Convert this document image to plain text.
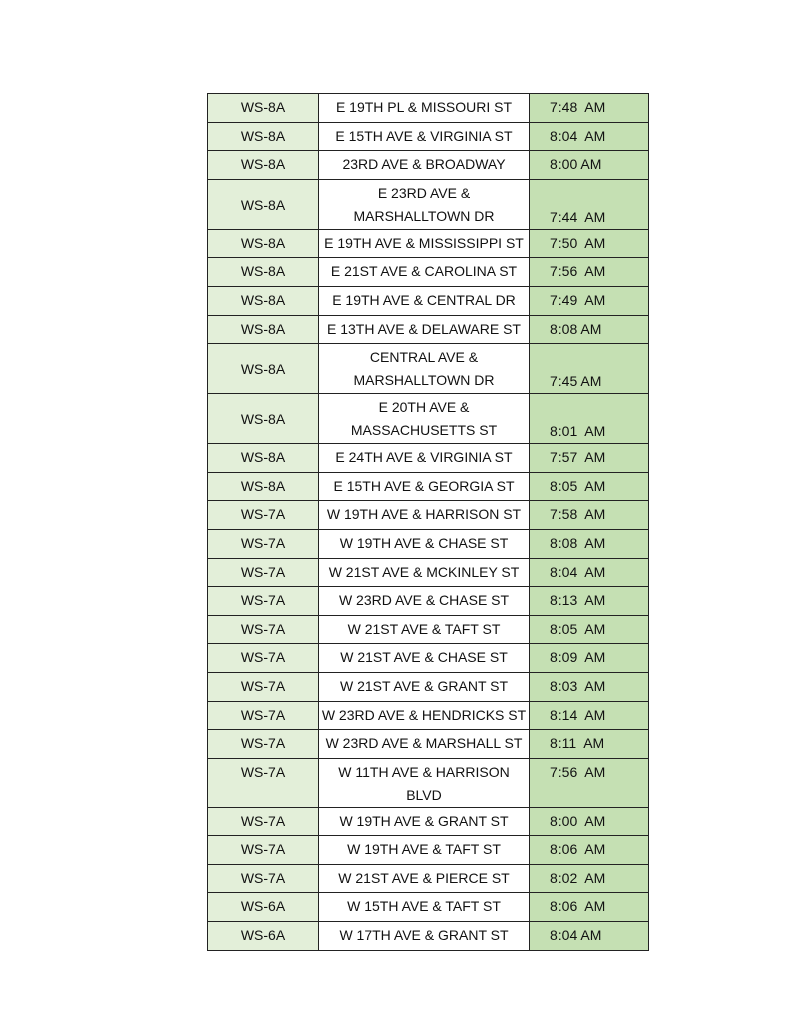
WS-8A	E 19TH PL & MISSOURI ST	7:48  AM

WS-8A	E 15TH AVE & VIRGINIA ST	8:04  AM

WS-8A	23RD AVE & BROADWAY	8:00 AM

WS-8A	E 23RD AVE & MARSHALLTOWN DR	7:44  AM

WS-8A	E 19TH AVE & MISSISSIPPI ST	7:50  AM

WS-8A	E 21ST AVE & CAROLINA ST	7:56  AM

WS-8A	E 19TH AVE & CENTRAL DR	7:49  AM

WS-8A	E 13TH AVE & DELAWARE ST	8:08 AM

WS-8A	CENTRAL AVE & MARSHALLTOWN DR	7:45 AM

WS-8A	E 20TH AVE & MASSACHUSETTS ST	8:01  AM

WS-8A	E 24TH AVE & VIRGINIA ST	7:57  AM

WS-8A	E 15TH AVE & GEORGIA ST	8:05  AM

WS-7A	W 19TH AVE & HARRISON ST	7:58  AM

WS-7A	W 19TH AVE & CHASE ST	8:08  AM

WS-7A	W 21ST AVE & MCKINLEY ST	8:04  AM

WS-7A	W 23RD AVE & CHASE ST	8:13  AM

WS-7A	W 21ST AVE & TAFT ST	8:05  AM

WS-7A	W 21ST AVE & CHASE ST	8:09  AM

WS-7A	W 21ST AVE & GRANT ST	8:03  AM

WS-7A	W 23RD AVE & HENDRICKS ST	8:14  AM

WS-7A	W 23RD AVE & MARSHALL ST	8:11  AM

WS-7A	W 11TH AVE & HARRISON BLVD	7:56  AM

WS-7A	W 19TH AVE & GRANT ST	8:00  AM

WS-7A	W 19TH AVE & TAFT ST	8:06  AM

WS-7A	W 21ST AVE & PIERCE ST	8:02  AM

WS-6A	W 15TH AVE & TAFT ST	8:06  AM

WS-6A	W 17TH AVE & GRANT ST	8:04 AM
